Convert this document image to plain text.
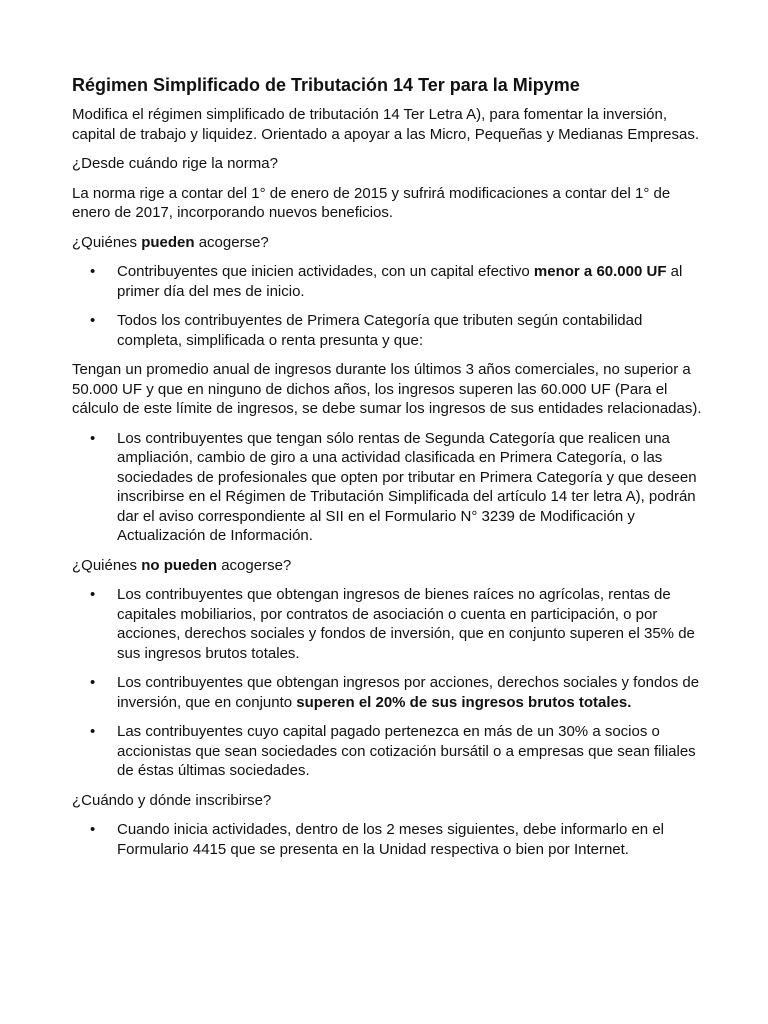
Régimen Simplificado de Tributación 14 Ter para la Mipyme

Modifica el régimen simplificado de tributación 14 Ter Letra A), para fomentar la inversión, capital de trabajo y liquidez. Orientado a apoyar a las Micro, Pequeñas y Medianas Empresas.

¿Desde cuándo rige la norma?

La norma rige a contar del 1° de enero de 2015 y sufrirá modificaciones a contar del 1° de enero de 2017, incorporando nuevos beneficios.

¿Quiénes pueden acogerse?

• Contribuyentes que inicien actividades, con un capital efectivo menor a 60.000 UF al primer día del mes de inicio.
• Todos los contribuyentes de Primera Categoría que tributen según contabilidad completa, simplificada o renta presunta y que:

Tengan un promedio anual de ingresos durante los últimos 3 años comerciales, no superior a 50.000 UF y que en ninguno de dichos años, los ingresos superen las 60.000 UF (Para el cálculo de este límite de ingresos, se debe sumar los ingresos de sus entidades relacionadas).

• Los contribuyentes que tengan sólo rentas de Segunda Categoría que realicen una ampliación, cambio de giro a una actividad clasificada en Primera Categoría, o las sociedades de profesionales que opten por tributar en Primera Categoría y que deseen inscribirse en el Régimen de Tributación Simplificada del artículo 14 ter letra A), podrán dar el aviso correspondiente al SII en el Formulario N° 3239 de Modificación y Actualización de Información.

¿Quiénes no pueden acogerse?

• Los contribuyentes que obtengan ingresos de bienes raíces no agrícolas, rentas de capitales mobiliarios, por contratos de asociación o cuenta en participación, o por acciones, derechos sociales y fondos de inversión, que en conjunto superen el 35% de sus ingresos brutos totales.
• Los contribuyentes que obtengan ingresos por acciones, derechos sociales y fondos de inversión, que en conjunto superen el 20% de sus ingresos brutos totales.
• Las contribuyentes cuyo capital pagado pertenezca en más de un 30% a socios o accionistas que sean sociedades con cotización bursátil o a empresas que sean filiales de éstas últimas sociedades.

¿Cuándo y dónde inscribirse?

• Cuando inicia actividades, dentro de los 2 meses siguientes, debe informarlo en el Formulario 4415 que se presenta en la Unidad respectiva o bien por Internet.
